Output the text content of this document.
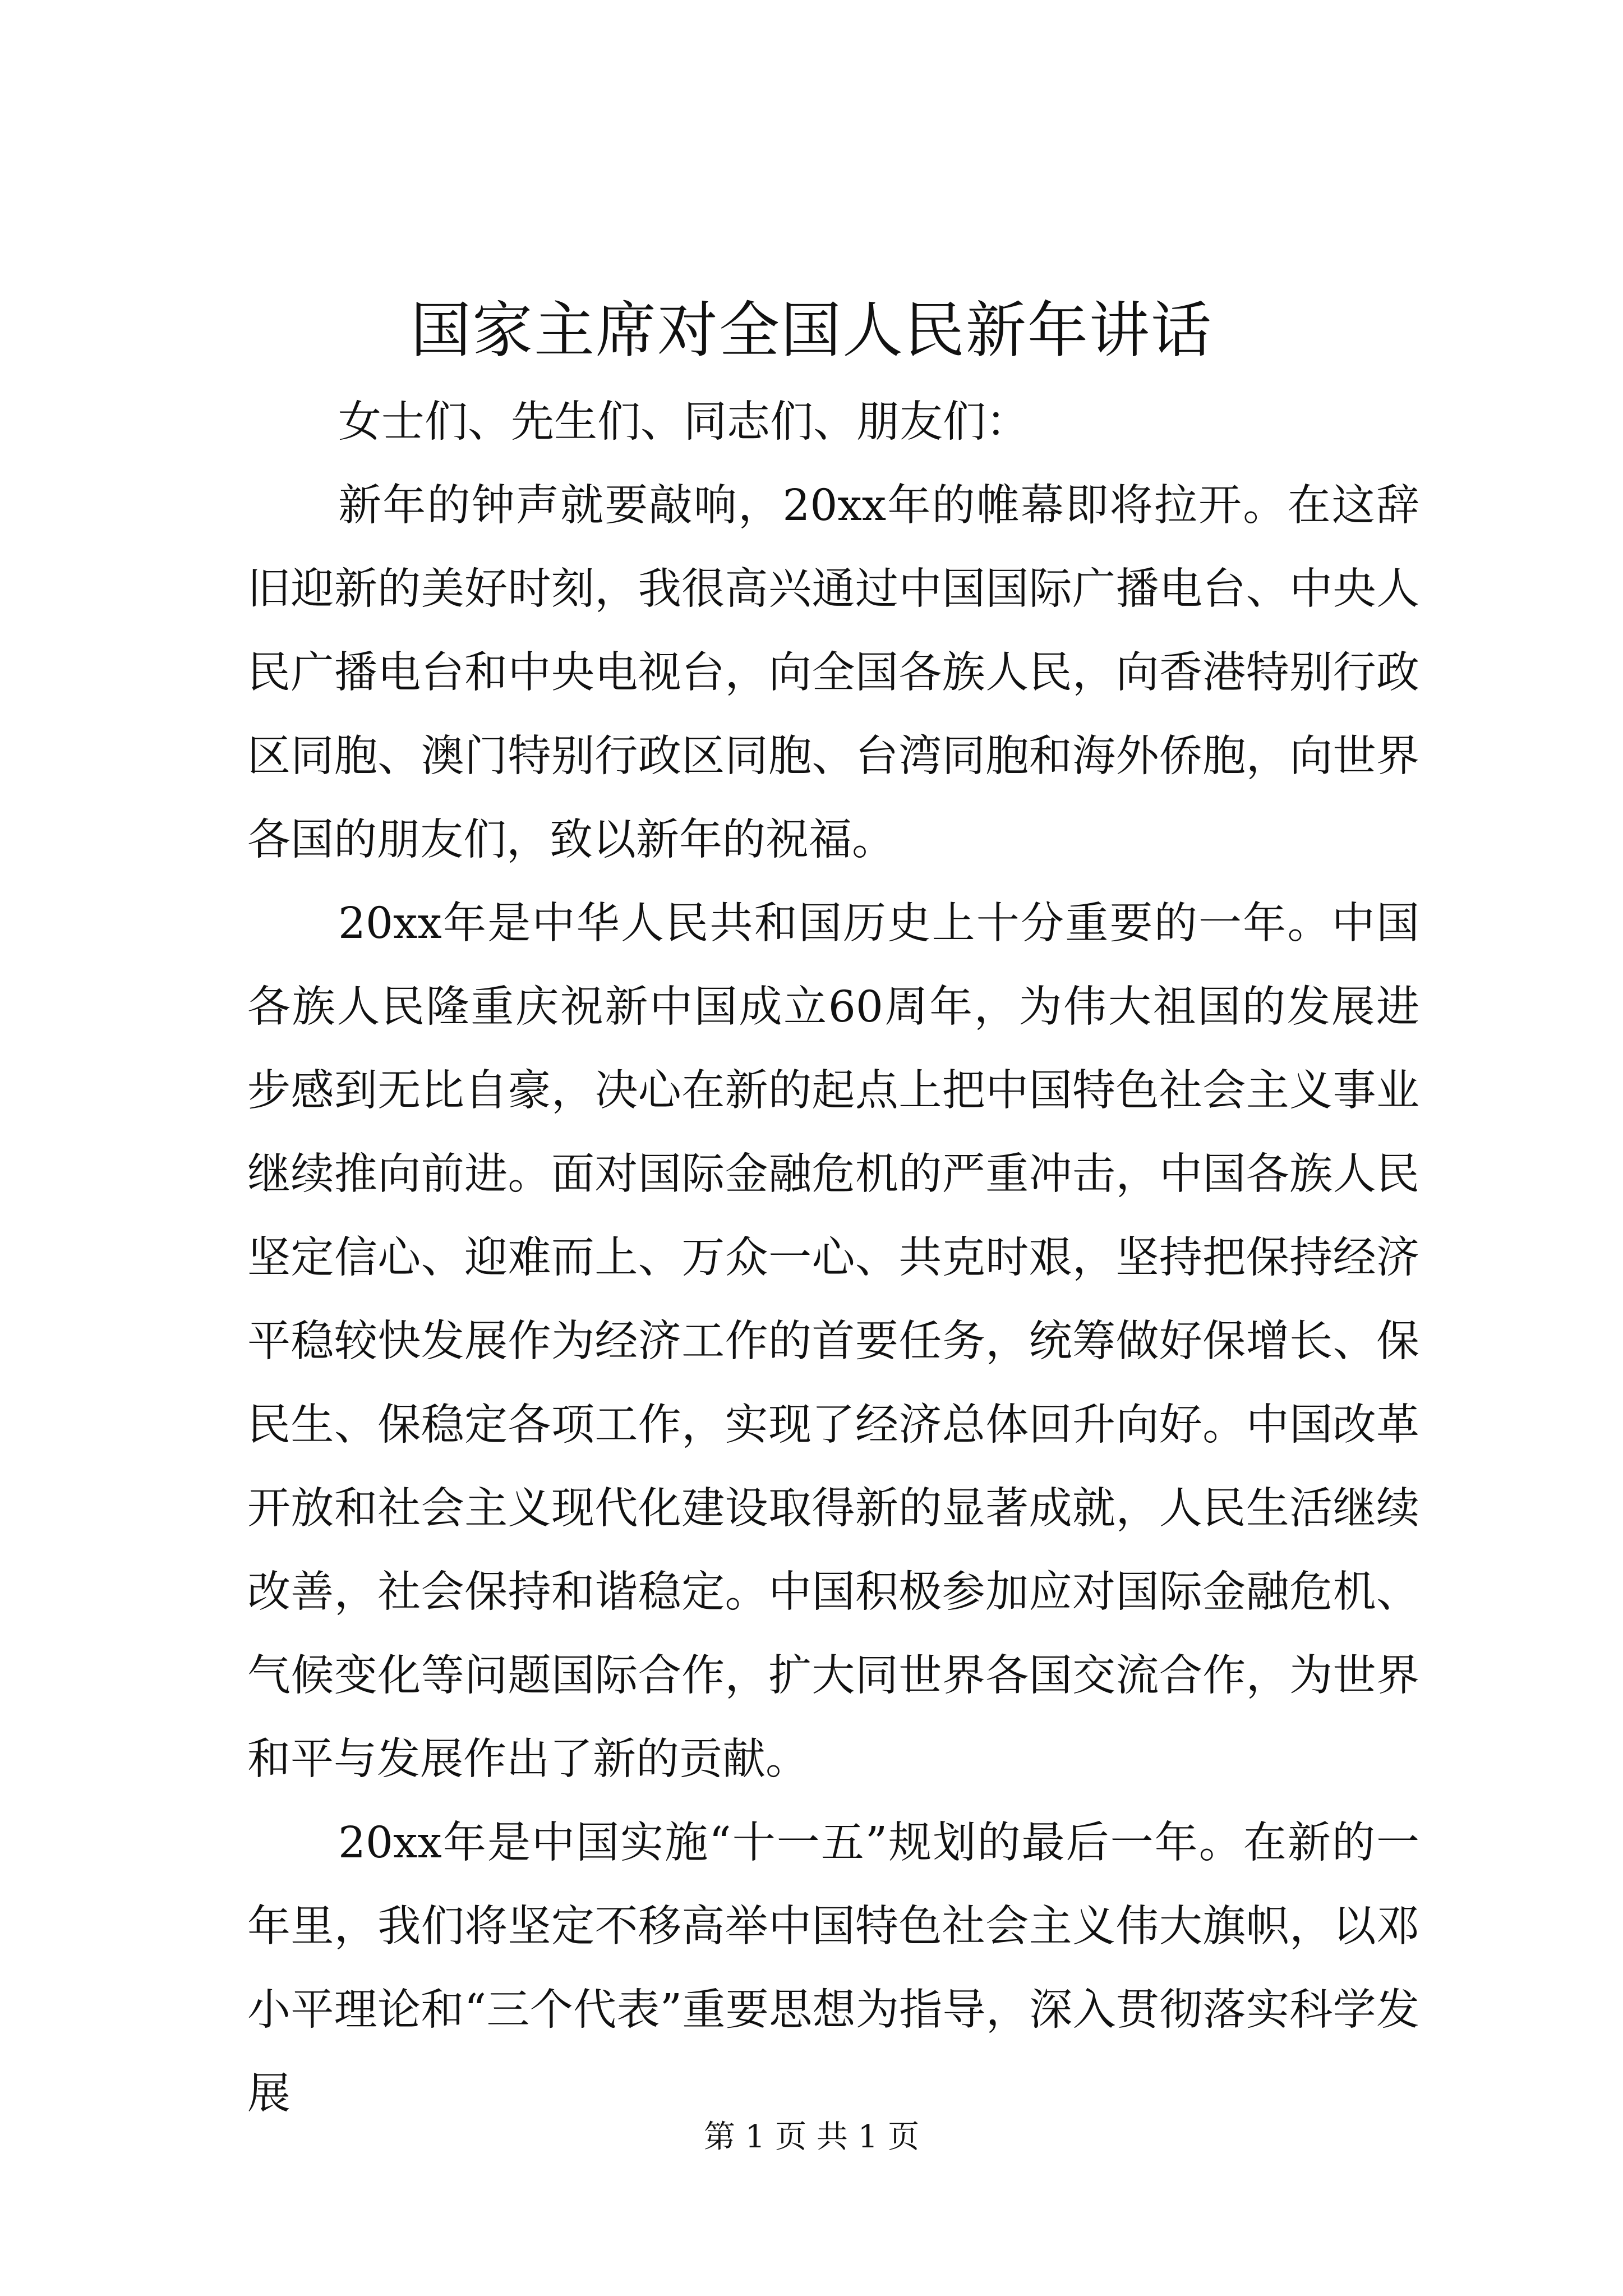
国家主席对全国人民新年讲话

女士们、先生们、同志们、朋友们：

新年的钟声就要敲响，20xx年的帷幕即将拉开。在这辞旧迎新的美好时刻，我很高兴通过中国国际广播电台、中央人民广播电台和中央电视台，向全国各族人民，向香港特别行政区同胞、澳门特别行政区同胞、台湾同胞和海外侨胞，向世界各国的朋友们，致以新年的祝福。

20xx年是中华人民共和国历史上十分重要的一年。中国各族人民隆重庆祝新中国成立60周年，为伟大祖国的发展进步感到无比自豪，决心在新的起点上把中国特色社会主义事业继续推向前进。面对国际金融危机的严重冲击，中国各族人民坚定信心、迎难而上、万众一心、共克时艰，坚持把保持经济平稳较快发展作为经济工作的首要任务，统筹做好保增长、保民生、保稳定各项工作，实现了经济总体回升向好。中国改革开放和社会主义现代化建设取得新的显著成就，人民生活继续改善，社会保持和谐稳定。中国积极参加应对国际金融危机、气候变化等问题国际合作，扩大同世界各国交流合作，为世界和平与发展作出了新的贡献。

20xx年是中国实施“十一五”规划的最后一年。在新的一年里，我们将坚定不移高举中国特色社会主义伟大旗帜，以邓小平理论和“三个代表”重要思想为指导，深入贯彻落实科学发展

第 1 页 共 1 页
